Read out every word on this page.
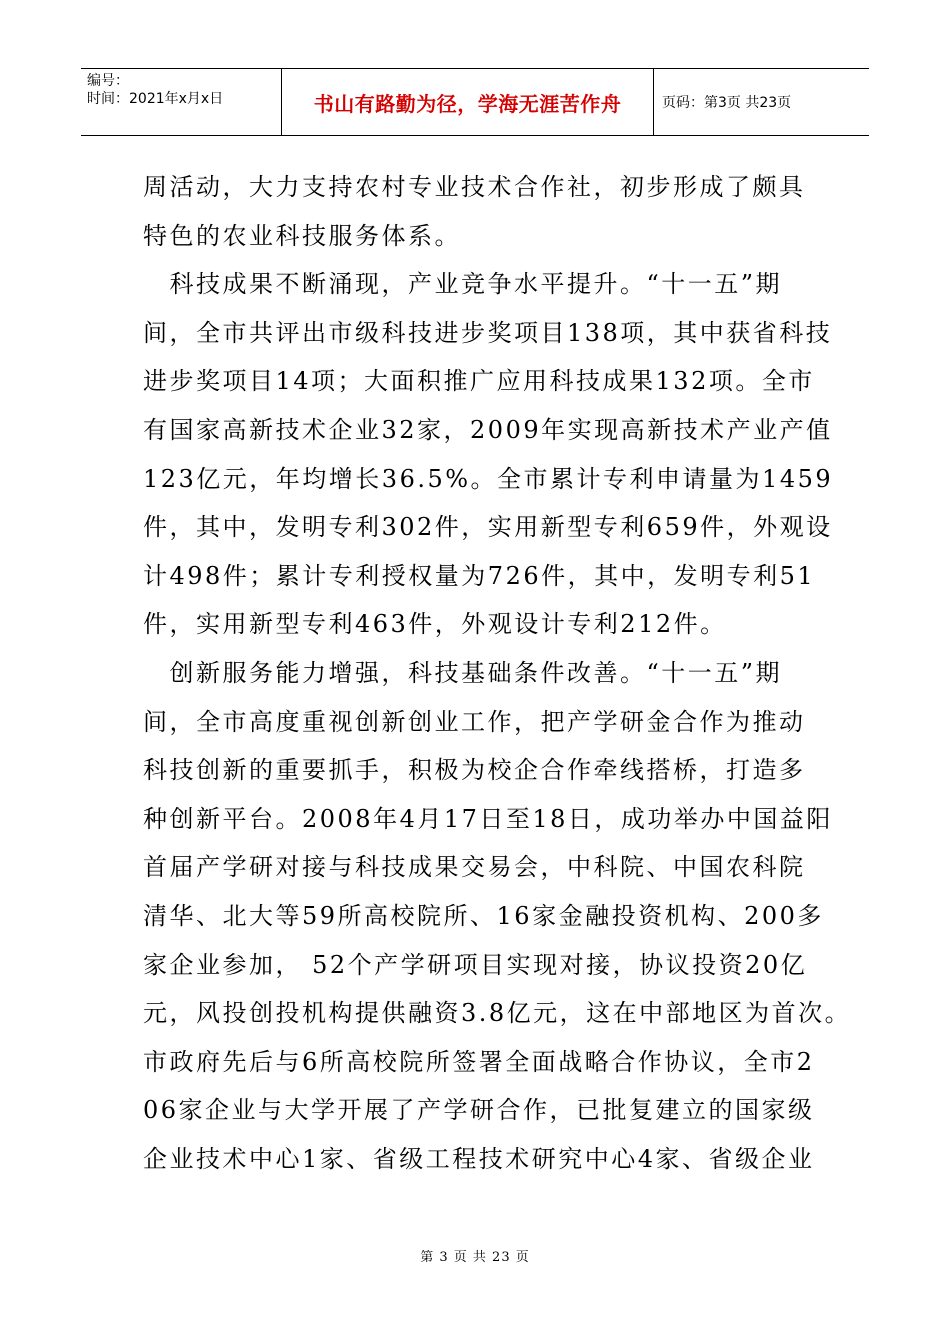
编号：
时间：2021年x月x日	书山有路勤为径，学海无涯苦作舟	页码：第3页 共23页

周活动，大力支持农村专业技术合作社，初步形成了颇具

特色的农业科技服务体系。

　科技成果不断涌现，产业竞争水平提升。“十一五”期

间，全市共评出市级科技进步奖项目138项，其中获省科技

进步奖项目14项；大面积推广应用科技成果132项。全市

有国家高新技术企业32家，2009年实现高新技术产业产值

123亿元，年均增长36.5%。全市累计专利申请量为1459

件，其中，发明专利302件，实用新型专利659件，外观设

计498件；累计专利授权量为726件，其中，发明专利51

件，实用新型专利463件，外观设计专利212件。

　创新服务能力增强，科技基础条件改善。“十一五”期

间，全市高度重视创新创业工作，把产学研金合作为推动

科技创新的重要抓手，积极为校企合作牵线搭桥，打造多

种创新平台。2008年4月17日至18日，成功举办中国益阳

首届产学研对接与科技成果交易会，中科院、中国农科院

清华、北大等59所高校院所、16家金融投资机构、200多

家企业参加， 52个产学研项目实现对接，协议投资20亿

元，风投创投机构提供融资3.8亿元，这在中部地区为首次。

市政府先后与6所高校院所签署全面战略合作协议，全市2

06家企业与大学开展了产学研合作，已批复建立的国家级

企业技术中心1家、省级工程技术研究中心4家、省级企业

第 3 页 共 23 页
